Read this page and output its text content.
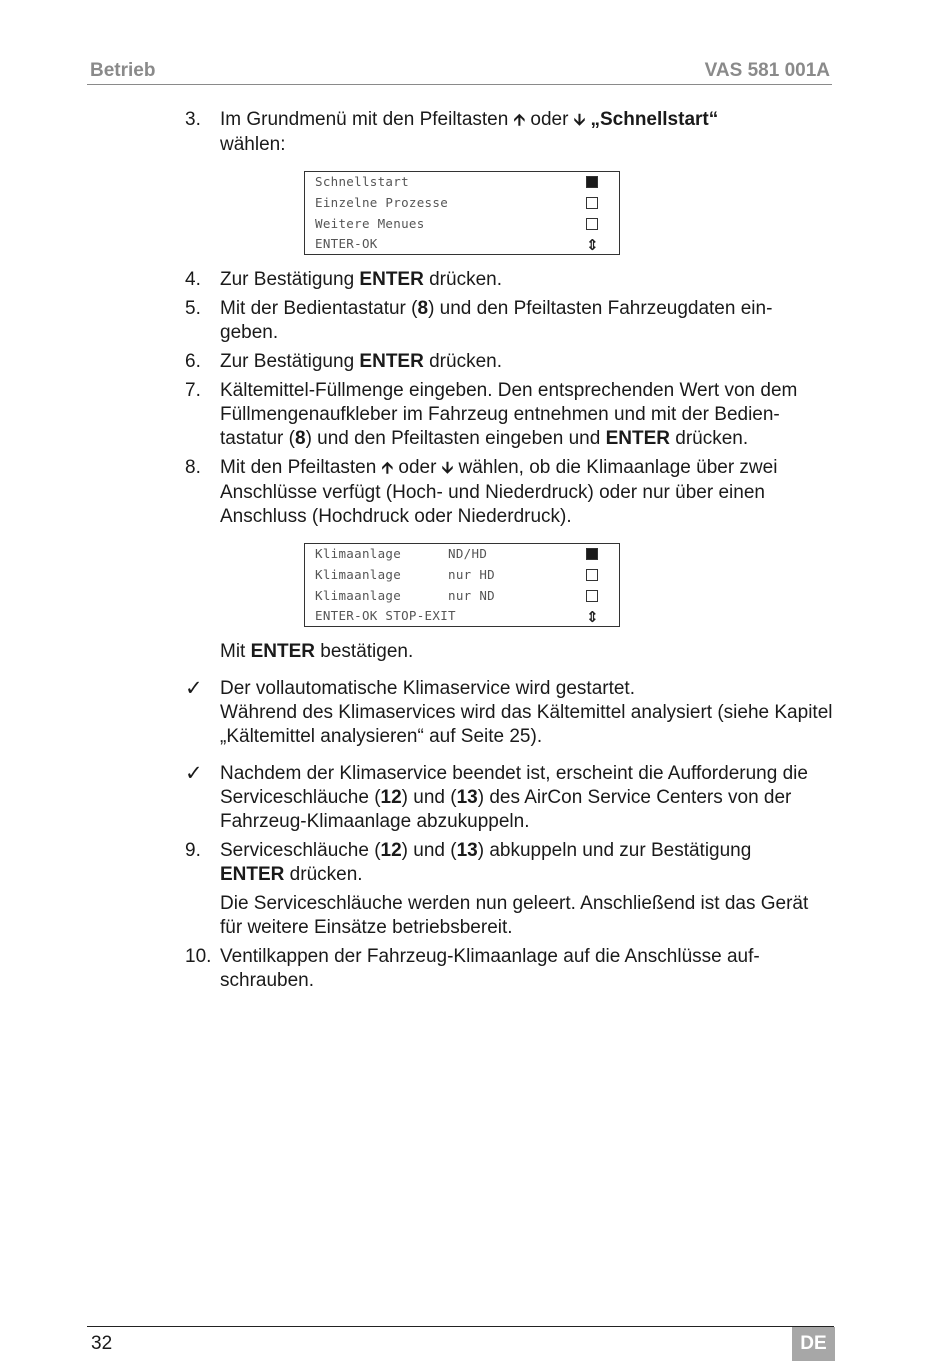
Betrieb	VAS 581 001A
3. Im Grundmenü mit den Pfeiltasten 🡩 oder 🡫 „Schnellstart“
wählen:
Schnellstart
Einzelne Prozesse
Weitere Menues
ENTER-OK	⇕
4. Zur Bestätigung ENTER drücken.
5. Mit der Bedientastatur (8) und den Pfeiltasten Fahrzeugdaten ein-
geben.
6. Zur Bestätigung ENTER drücken.
7. Kältemittel-Füllmenge eingeben. Den entsprechenden Wert von dem Füllmengenaufkleber im Fahrzeug entnehmen und mit der Bedien-
tastatur (8) und den Pfeiltasten eingeben und ENTER drücken.
8. Mit den Pfeiltasten 🡩 oder 🡫 wählen, ob die Klimaanlage über zwei Anschlüsse verfügt (Hoch- und Niederdruck) oder nur über einen Anschluss (Hochdruck oder Niederdruck).
Klimaanlage      ND/HD
Klimaanlage      nur HD
Klimaanlage      nur ND
ENTER-OK STOP-EXIT	⇕
Mit ENTER bestätigen.
✓ Der vollautomatische Klimaservice wird gestartet.
Während des Klimaservices wird das Kältemittel analysiert (siehe Kapitel „Kältemittel analysieren“ auf Seite 25).
✓ Nachdem der Klimaservice beendet ist, erscheint die Aufforderung die Serviceschläuche (12) und (13) des AirCon Service Centers von der Fahrzeug-Klimaanlage abzukuppeln.
9. Serviceschläuche (12) und (13) abkuppeln und zur Bestätigung
ENTER drücken.
Die Serviceschläuche werden nun geleert. Anschließend ist das Gerät für weitere Einsätze betriebsbereit.
10. Ventilkappen der Fahrzeug-Klimaanlage auf die Anschlüsse auf-
schrauben.
32	DE
